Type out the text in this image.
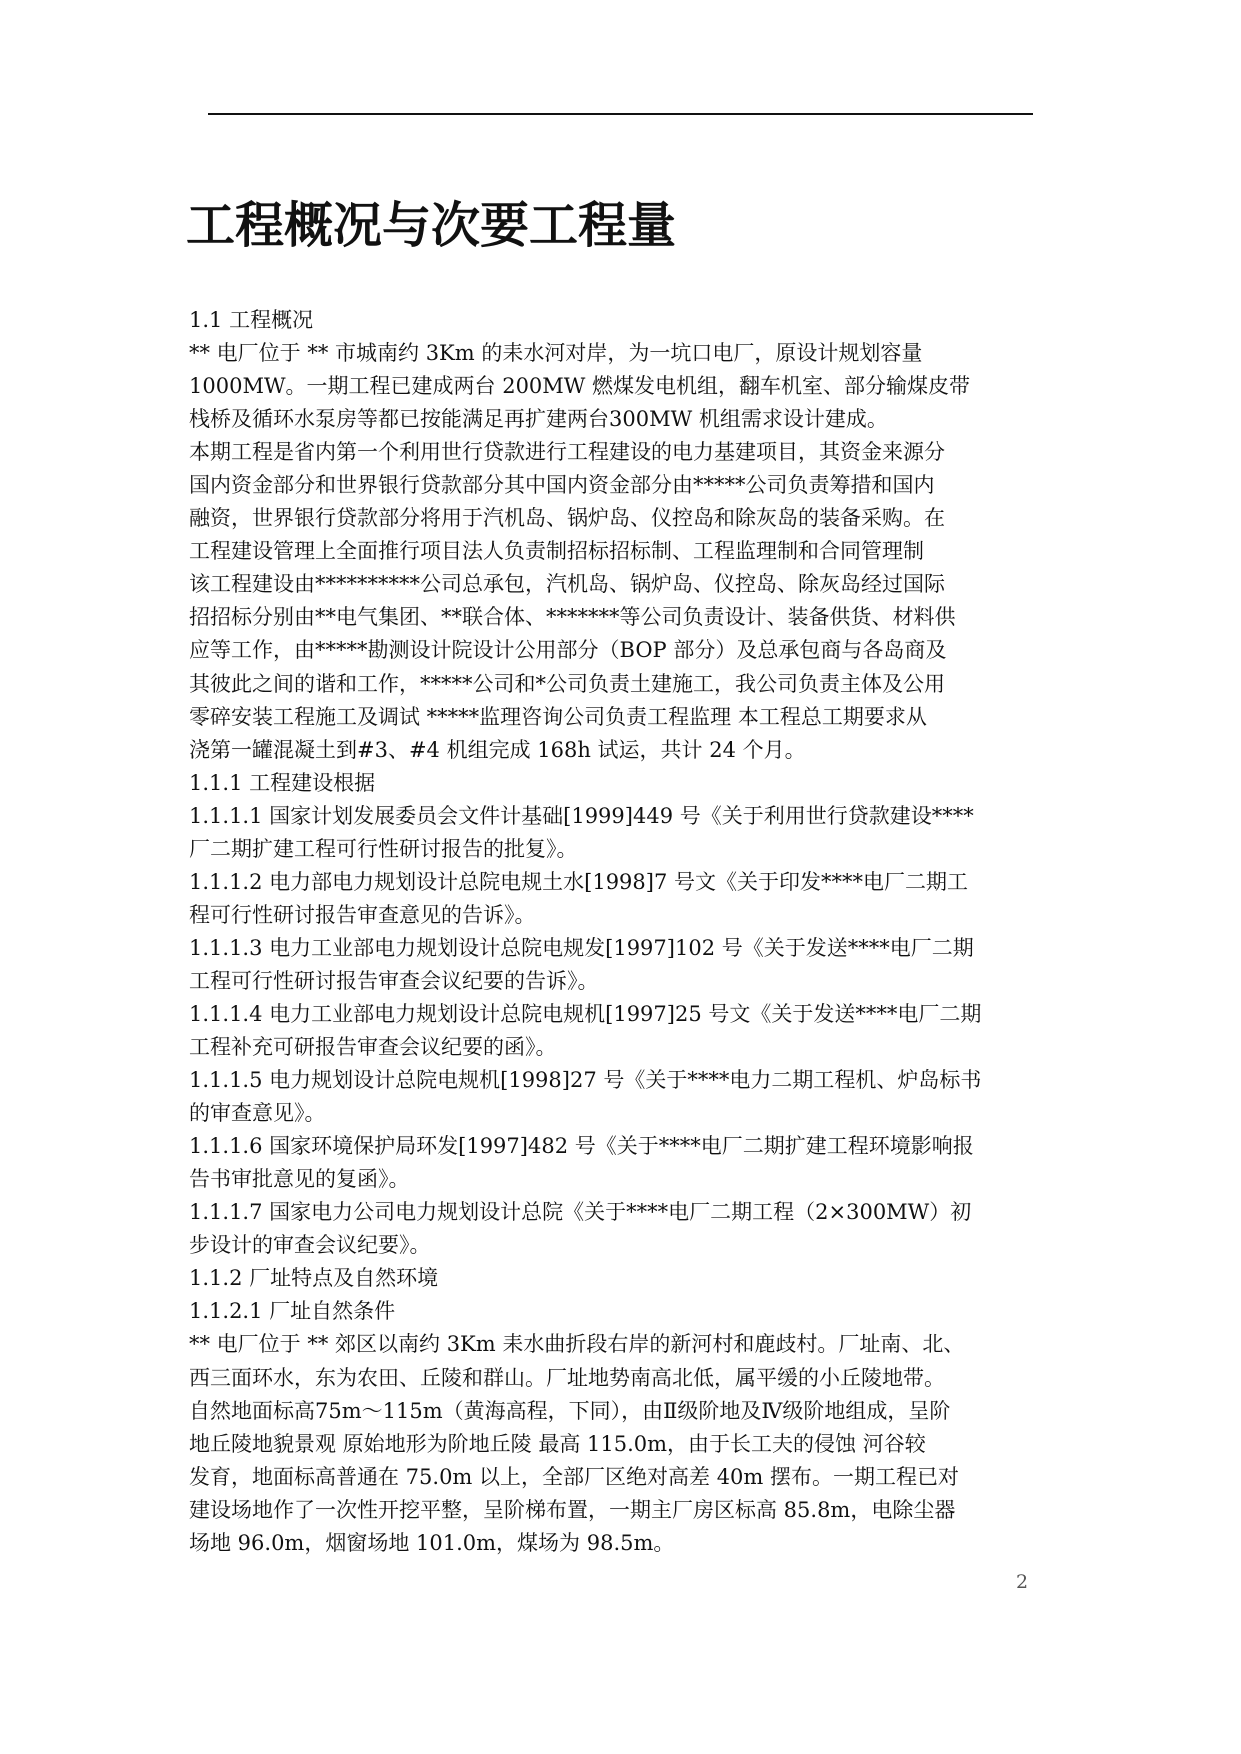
工程概况与次要工程量
1.1 工程概况
** 电厂位于 ** 市城南约 3Km 的耒水河对岸，为一坑口电厂，原设计规划容量
1000MW。一期工程已建成两台 200MW 燃煤发电机组，翻车机室、部分输煤皮带
栈桥及循环水泵房等都已按能满足再扩建两台300MW 机组需求设计建成。
本期工程是省内第一个利用世行贷款进行工程建设的电力基建项目，其资金来源分
国内资金部分和世界银行贷款部分其中国内资金部分由*****公司负责筹措和国内
融资，世界银行贷款部分将用于汽机岛、锅炉岛、仪控岛和除灰岛的装备采购。在
工程建设管理上全面推行项目法人负责制招标招标制、工程监理制和合同管理制
该工程建设由**********公司总承包，汽机岛、锅炉岛、仪控岛、除灰岛经过国际
招招标分别由**电气集团、**联合体、*******等公司负责设计、装备供货、材料供
应等工作，由*****勘测设计院设计公用部分（BOP 部分）及总承包商与各岛商及
其彼此之间的谐和工作，*****公司和*公司负责土建施工，我公司负责主体及公用
零碎安装工程施工及调试 *****监理咨询公司负责工程监理 本工程总工期要求从
浇第一罐混凝土到#3、#4 机组完成 168h 试运，共计 24 个月。
1.1.1 工程建设根据
1.1.1.1 国家计划发展委员会文件计基础[1999]449 号《关于利用世行贷款建设****
厂二期扩建工程可行性研讨报告的批复》。
1.1.1.2 电力部电力规划设计总院电规土水[1998]7 号文《关于印发****电厂二期工
程可行性研讨报告审查意见的告诉》。
1.1.1.3 电力工业部电力规划设计总院电规发[1997]102 号《关于发送****电厂二期
工程可行性研讨报告审查会议纪要的告诉》。
1.1.1.4 电力工业部电力规划设计总院电规机[1997]25 号文《关于发送****电厂二期
工程补充可研报告审查会议纪要的函》。
1.1.1.5 电力规划设计总院电规机[1998]27 号《关于****电力二期工程机、炉岛标书
的审查意见》。
1.1.1.6 国家环境保护局环发[1997]482 号《关于****电厂二期扩建工程环境影响报
告书审批意见的复函》。
1.1.1.7 国家电力公司电力规划设计总院《关于****电厂二期工程（2×300MW）初
步设计的审查会议纪要》。
1.1.2 厂址特点及自然环境
1.1.2.1 厂址自然条件
** 电厂位于 ** 郊区以南约 3Km 耒水曲折段右岸的新河村和鹿歧村。厂址南、北、
西三面环水，东为农田、丘陵和群山。厂址地势南高北低，属平缓的小丘陵地带。
自然地面标高75m～115m（黄海高程，下同），由Ⅱ级阶地及Ⅳ级阶地组成，呈阶
地丘陵地貌景观 原始地形为阶地丘陵 最高 115.0m，由于长工夫的侵蚀 河谷较
发育，地面标高普通在 75.0m 以上，全部厂区绝对高差 40m 摆布。一期工程已对
建设场地作了一次性开挖平整，呈阶梯布置，一期主厂房区标高 85.8m，电除尘器
场地 96.0m，烟窗场地 101.0m，煤场为 98.5m。
2
